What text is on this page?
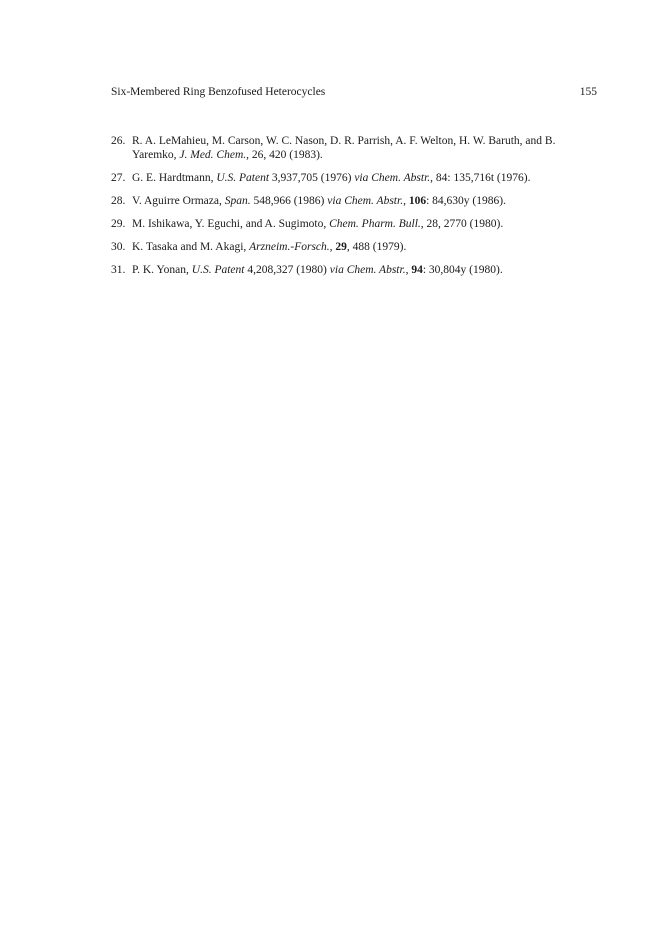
Six-Membered Ring Benzofused Heterocycles	155
26. R. A. LeMahieu, M. Carson, W. C. Nason, D. R. Parrish, A. F. Welton, H. W. Baruth, and B. Yaremko, J. Med. Chem., 26, 420 (1983).
27. G. E. Hardtmann, U.S. Patent 3,937,705 (1976) via Chem. Abstr., 84: 135,716t (1976).
28. V. Aguirre Ormaza, Span. 548,966 (1986) via Chem. Abstr., 106: 84,630y (1986).
29. M. Ishikawa, Y. Eguchi, and A. Sugimoto, Chem. Pharm. Bull., 28, 2770 (1980).
30. K. Tasaka and M. Akagi, Arzneim.-Forsch., 29, 488 (1979).
31. P. K. Yonan, U.S. Patent 4,208,327 (1980) via Chem. Abstr., 94: 30,804y (1980).
